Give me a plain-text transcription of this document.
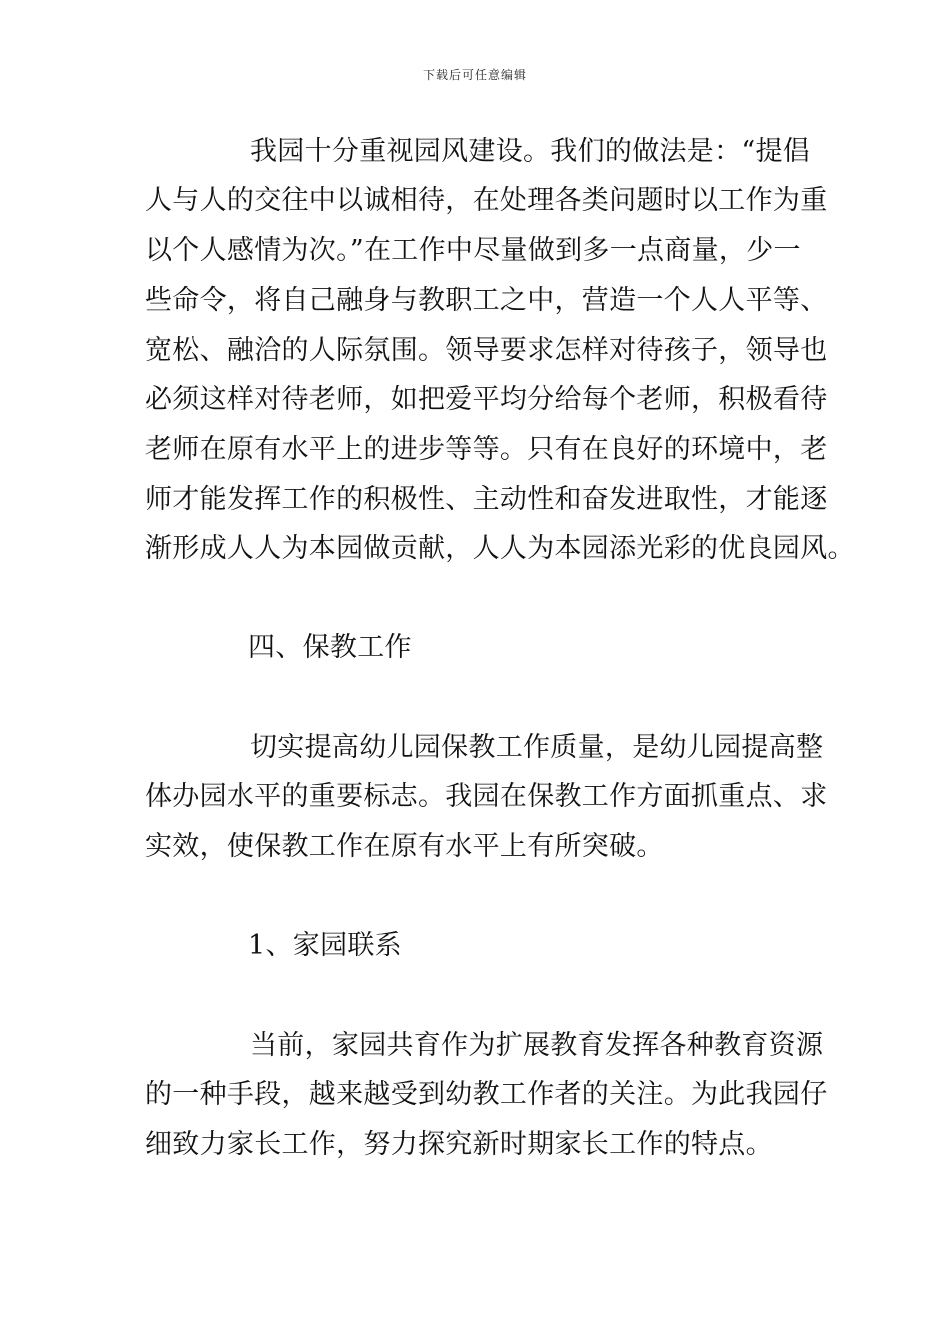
下载后可任意编辑
我园十分重视园风建设。我们的做法是：“提倡
人与人的交往中以诚相待，在处理各类问题时以工作为重
以个人感情为次。”在工作中尽量做到多一点商量，少一
些命令，将自己融身与教职工之中，营造一个人人平等、
宽松、融洽的人际氛围。领导要求怎样对待孩子，领导也
必须这样对待老师，如把爱平均分给每个老师，积极看待
老师在原有水平上的进步等等。只有在良好的环境中，老
师才能发挥工作的积极性、主动性和奋发进取性，才能逐
渐形成人人为本园做贡献，人人为本园添光彩的优良园风。
四、保教工作
切实提高幼儿园保教工作质量，是幼儿园提高整
体办园水平的重要标志。我园在保教工作方面抓重点、求
实效，使保教工作在原有水平上有所突破。
1、家园联系
当前，家园共育作为扩展教育发挥各种教育资源
的一种手段，越来越受到幼教工作者的关注。为此我园仔
细致力家长工作，努力探究新时期家长工作的特点。
